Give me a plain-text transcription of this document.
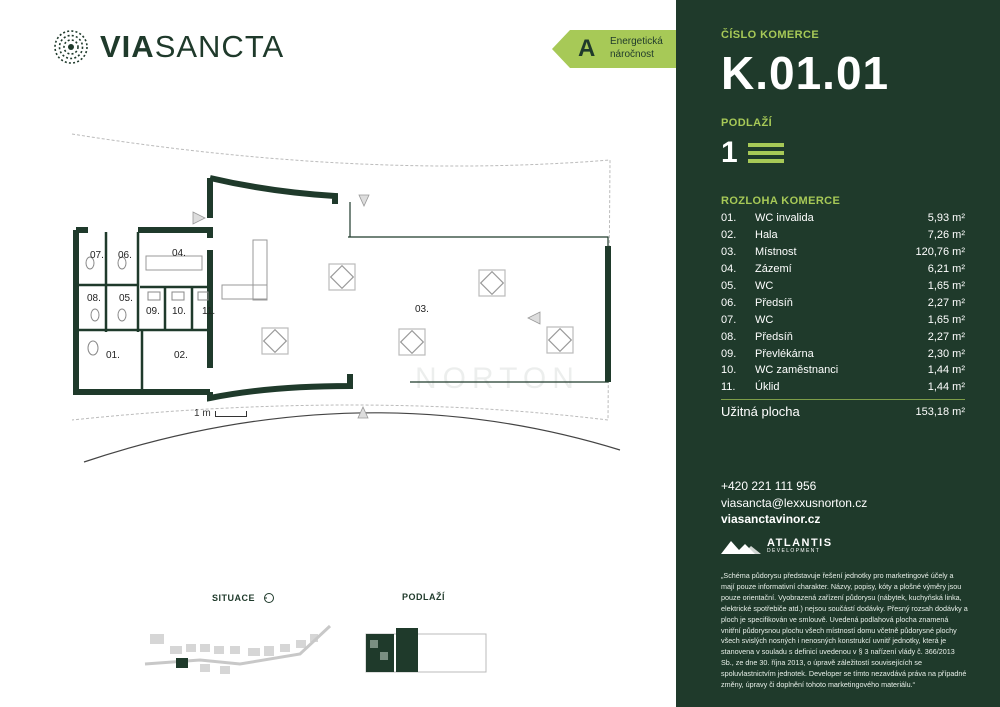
VIASANCTA	A Energetická náročnost
07. 06.	04.
08. 05.
09. 10. 11.
01.	02.
03.
NORTON
1 m
SITUACE	PODLAŽÍ
ČÍSLO KOMERCE
K.01.01
PODLAŽÍ
1
ROZLOHA KOMERCE
01.	WC invalida	5,93 m²
02.	Hala	7,26 m²
03.	Místnost	120,76 m²
04.	Zázemí	6,21 m²
05.	WC	1,65 m²
06.	Předsíň	2,27 m²
07.	WC	1,65 m²
08.	Předsíň	2,27 m²
09.	Převlékárna	2,30 m²
10.	WC zaměstnanci	1,44 m²
11.	Úklid	1,44 m²
Užitná plocha	153,18 m²
+420 221 111 956
viasancta@lexxusnorton.cz
viasanctavinor.cz
ATLANTIS
DEVELOPMENT
„Schéma půdorysu představuje řešení jednotky pro marketingové účely a mají pouze informativní charakter. Názvy, popisy, kóty a plošné výměry jsou pouze orientační. Vyobrazená zařízení půdorysu (nábytek, kuchyňská linka, elektrické spotřebiče atd.) nejsou součástí dodávky. Přesný rozsah dodávky a ploch je specifikován ve smlouvě. Uvedená podlahová plocha znamená vnitřní půdorysnou plochu všech místností domu včetně půdorysné plochy všech svislých nosných i nenosných konstrukcí uvnitř jednotky, která je stanovena v souladu s definicí uvedenou v § 3 nařízení vlády č. 366/2013 Sb., ze dne 30. října 2013, o úpravě záležitostí souvisejících se spoluvlastnictvím jednotek. Developer se tímto nezavdává práva na případné změny, úpravy či doplnění tohoto marketingového materiálu.“
